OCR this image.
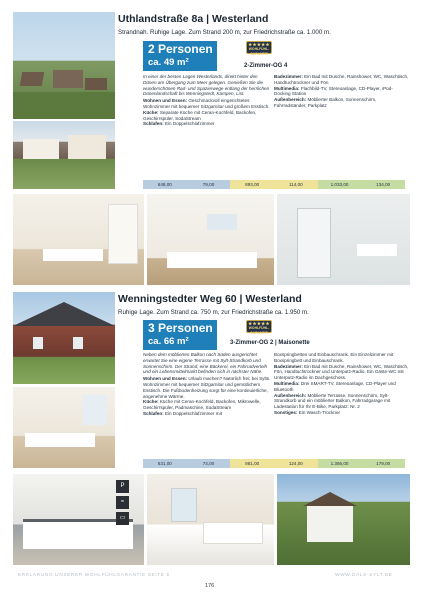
Uthlandstraße 8a | Westerland
Strandnah. Ruhige Lage. Zum Strand 200 m, zur Friedrichstraße ca. 1.000 m.
2 Personen
ca. 49 m²
★★★★★
WOHLFÜHL-GARANTIE
2-Zimmer-OG 4

In einer der besten Lagen Westerlands, direkt hinter den Dünen am Übergang zum Meer gelegen. Genießen Sie die wunderschönen Rad- und Spazierwege entlang der herrlichen Dünenlandschaft bis Wenningstedt, Kampen, List.

Wohnen und Essen: Geschmackvoll eingerichtetes Wohnzimmer mit bequemer Sitzgarnitur und großem Esstisch.
Küche: Separate Küche mit Ceran-Kochfeld, Backofen, Geschirrspüler, SodaStream
Schlafen: Ein Doppelschlafzimmer

Badezimmer: Ein Bad mit Dusche, Rainshower, WC, Waschtisch, Handtuchtrockner und Fön
Multimedia: Flachbild-TV, Stereoanlage, CD-Player, iPod-Docking Station
Außenbereich: Möblierter Balkon, Sonnenschirm, Fahrradständer, Parkplatz

648,00	79,00	893,00	114,00	1.033,00	134,00
Wenningstedter Weg 60 | Westerland
Ruhige Lage. Zum Strand ca. 750 m, zur Friedrichstraße ca. 1.950 m.
3 Personen
ca. 66 m²
★★★★★
WOHLFÜHL-GARANTIE
3-Zimmer-OG 2 | Maisonette

Neben dem möblierten Balkon nach Süden ausgerichtet erwartet Sie eine eigene Terrasse mit Sylt-Strandkorb und Sonnenschirm. Der Strand, eine Bäckerei, ein Fahrradverleih und ein Lebensmittelmarkt befinden sich in nächster Nähe.

Wohnen und Essen: Urlaub machen? Natürlich frei; bei Sylts. Wohnzimmer mit bequemer Sitzgarnitur und gemütlichem Esstisch. Die Fußbodenheizung sorgt für eine kontinuierliche, angenehme Wärme.
Küche: Küche mit Ceran-Kochfeld, Backofen, Mikrowelle, Geschirrspüler, Padmaschine, SodaStream
Schlafen: Ein Doppelschlafzimmer mit

Boxspringbetten und Einbauschrank. Ein Einzelzimmer mit Boxspringbett und Einbauschrank.
Badezimmer: Ein Bad mit Dusche, Rainshower, WC, Waschtisch, Fön, Handtuchtrockner und Unterputz-Radio. Ein Gäste-WC mit Unterputz-Radio im Dachgeschoss.
Multimedia: Drei SMART-TV, Stereoanlage, CD-Player und Bluetooth
Außenbereich: Möblierte Terrasse, Sonnenschirm, Sylt-Strandkorb und ein möblierter Balkon, Fahrradgarage mit Ladestation für Ihr E-Bike, Parkplatz: Nr. 2
Sonstiges: Ein Wasch-Trockner

631,00	74,00	981,00	124,00	1.366,00	179,00
P
≈
▭
ERKLÄRUNG UNSERER WOHLFÜHLGARANTIE SEITE 5	WWW.DALS-SYLT.DE
176
